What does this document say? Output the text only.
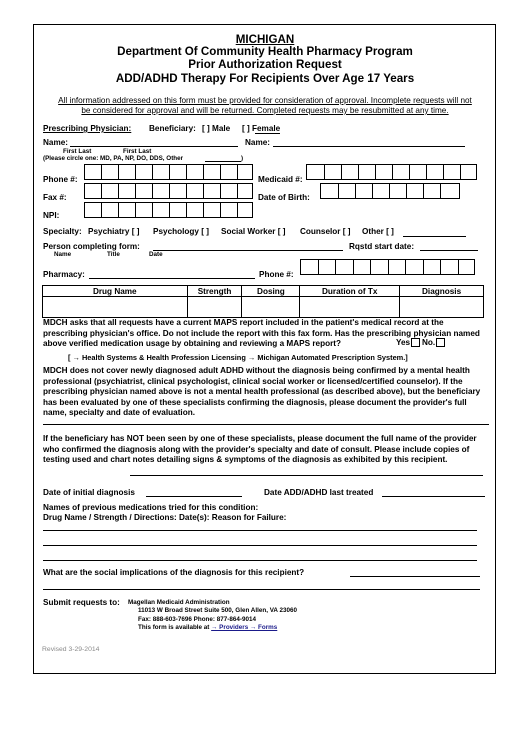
MICHIGAN
Department Of Community Health Pharmacy Program
Prior Authorization Request
ADD/ADHD Therapy For Recipients Over Age 17 Years
All information addressed on this form must be provided for consideration of approval. Incomplete requests will not
be considered for approval and will be returned. Completed requests may be resubmitted at any time.
Prescribing Physician: Beneficiary: [ ] Male [ ] Female
Name:	Name:
First Last	First Last
(Please circle one: MD, PA, NP, DO, DDS, Other	)
Phone #:	Medicaid #:
Fax #:	Date of Birth:
NPI:
Specialty: Psychiatry [ ] Psychology [ ] Social Worker [ ] Counselor [ ] Other [ ]
Person completing form:	Rqstd start date:
Name	Title	Date
Pharmacy:	Phone #:
Drug Name	Strength	Dosing	Duration of Tx	Diagnosis

MDCH asks that all requests have a current MAPS report included in the patient's medical record at the prescribing physician's office. Do not include the report with this fax form. Has the prescribing physician named above verified medication usage by obtaining and reviewing a MAPS report?	Yes No.
[ → Health Systems & Health Profession Licensing → Michigan Automated Prescription System.]
MDCH does not cover newly diagnosed adult ADHD without the diagnosis being confirmed by a mental health professional (psychiatrist, clinical psychologist, clinical social worker or licensed/certified counselor). If the prescribing physician named above is not a mental health professional (as described above), but the beneficiary has been evaluated by one of these specialists confirming the diagnosis, please document the provider's full name, specialty and date of evaluation.
If the beneficiary has NOT been seen by one of these specialists, please document the full name of the provider who confirmed the diagnosis along with the provider's specialty and date of consult. Please include copies of testing used and chart notes detailing signs & symptoms of the diagnosis as exhibited by this recipient.
Date of initial diagnosis	Date ADD/ADHD last treated
Names of previous medications tried for this condition:
Drug Name / Strength / Directions: Date(s): Reason for Failure:
What are the social implications of the diagnosis for this recipient?
Submit requests to: Magellan Medicaid Administration
11013 W Broad Street Suite 500, Glen Allen, VA 23060
Fax: 888-603-7696 Phone: 877-864-9014
This form is available at → Providers → Forms
Revised 3-29-2014
